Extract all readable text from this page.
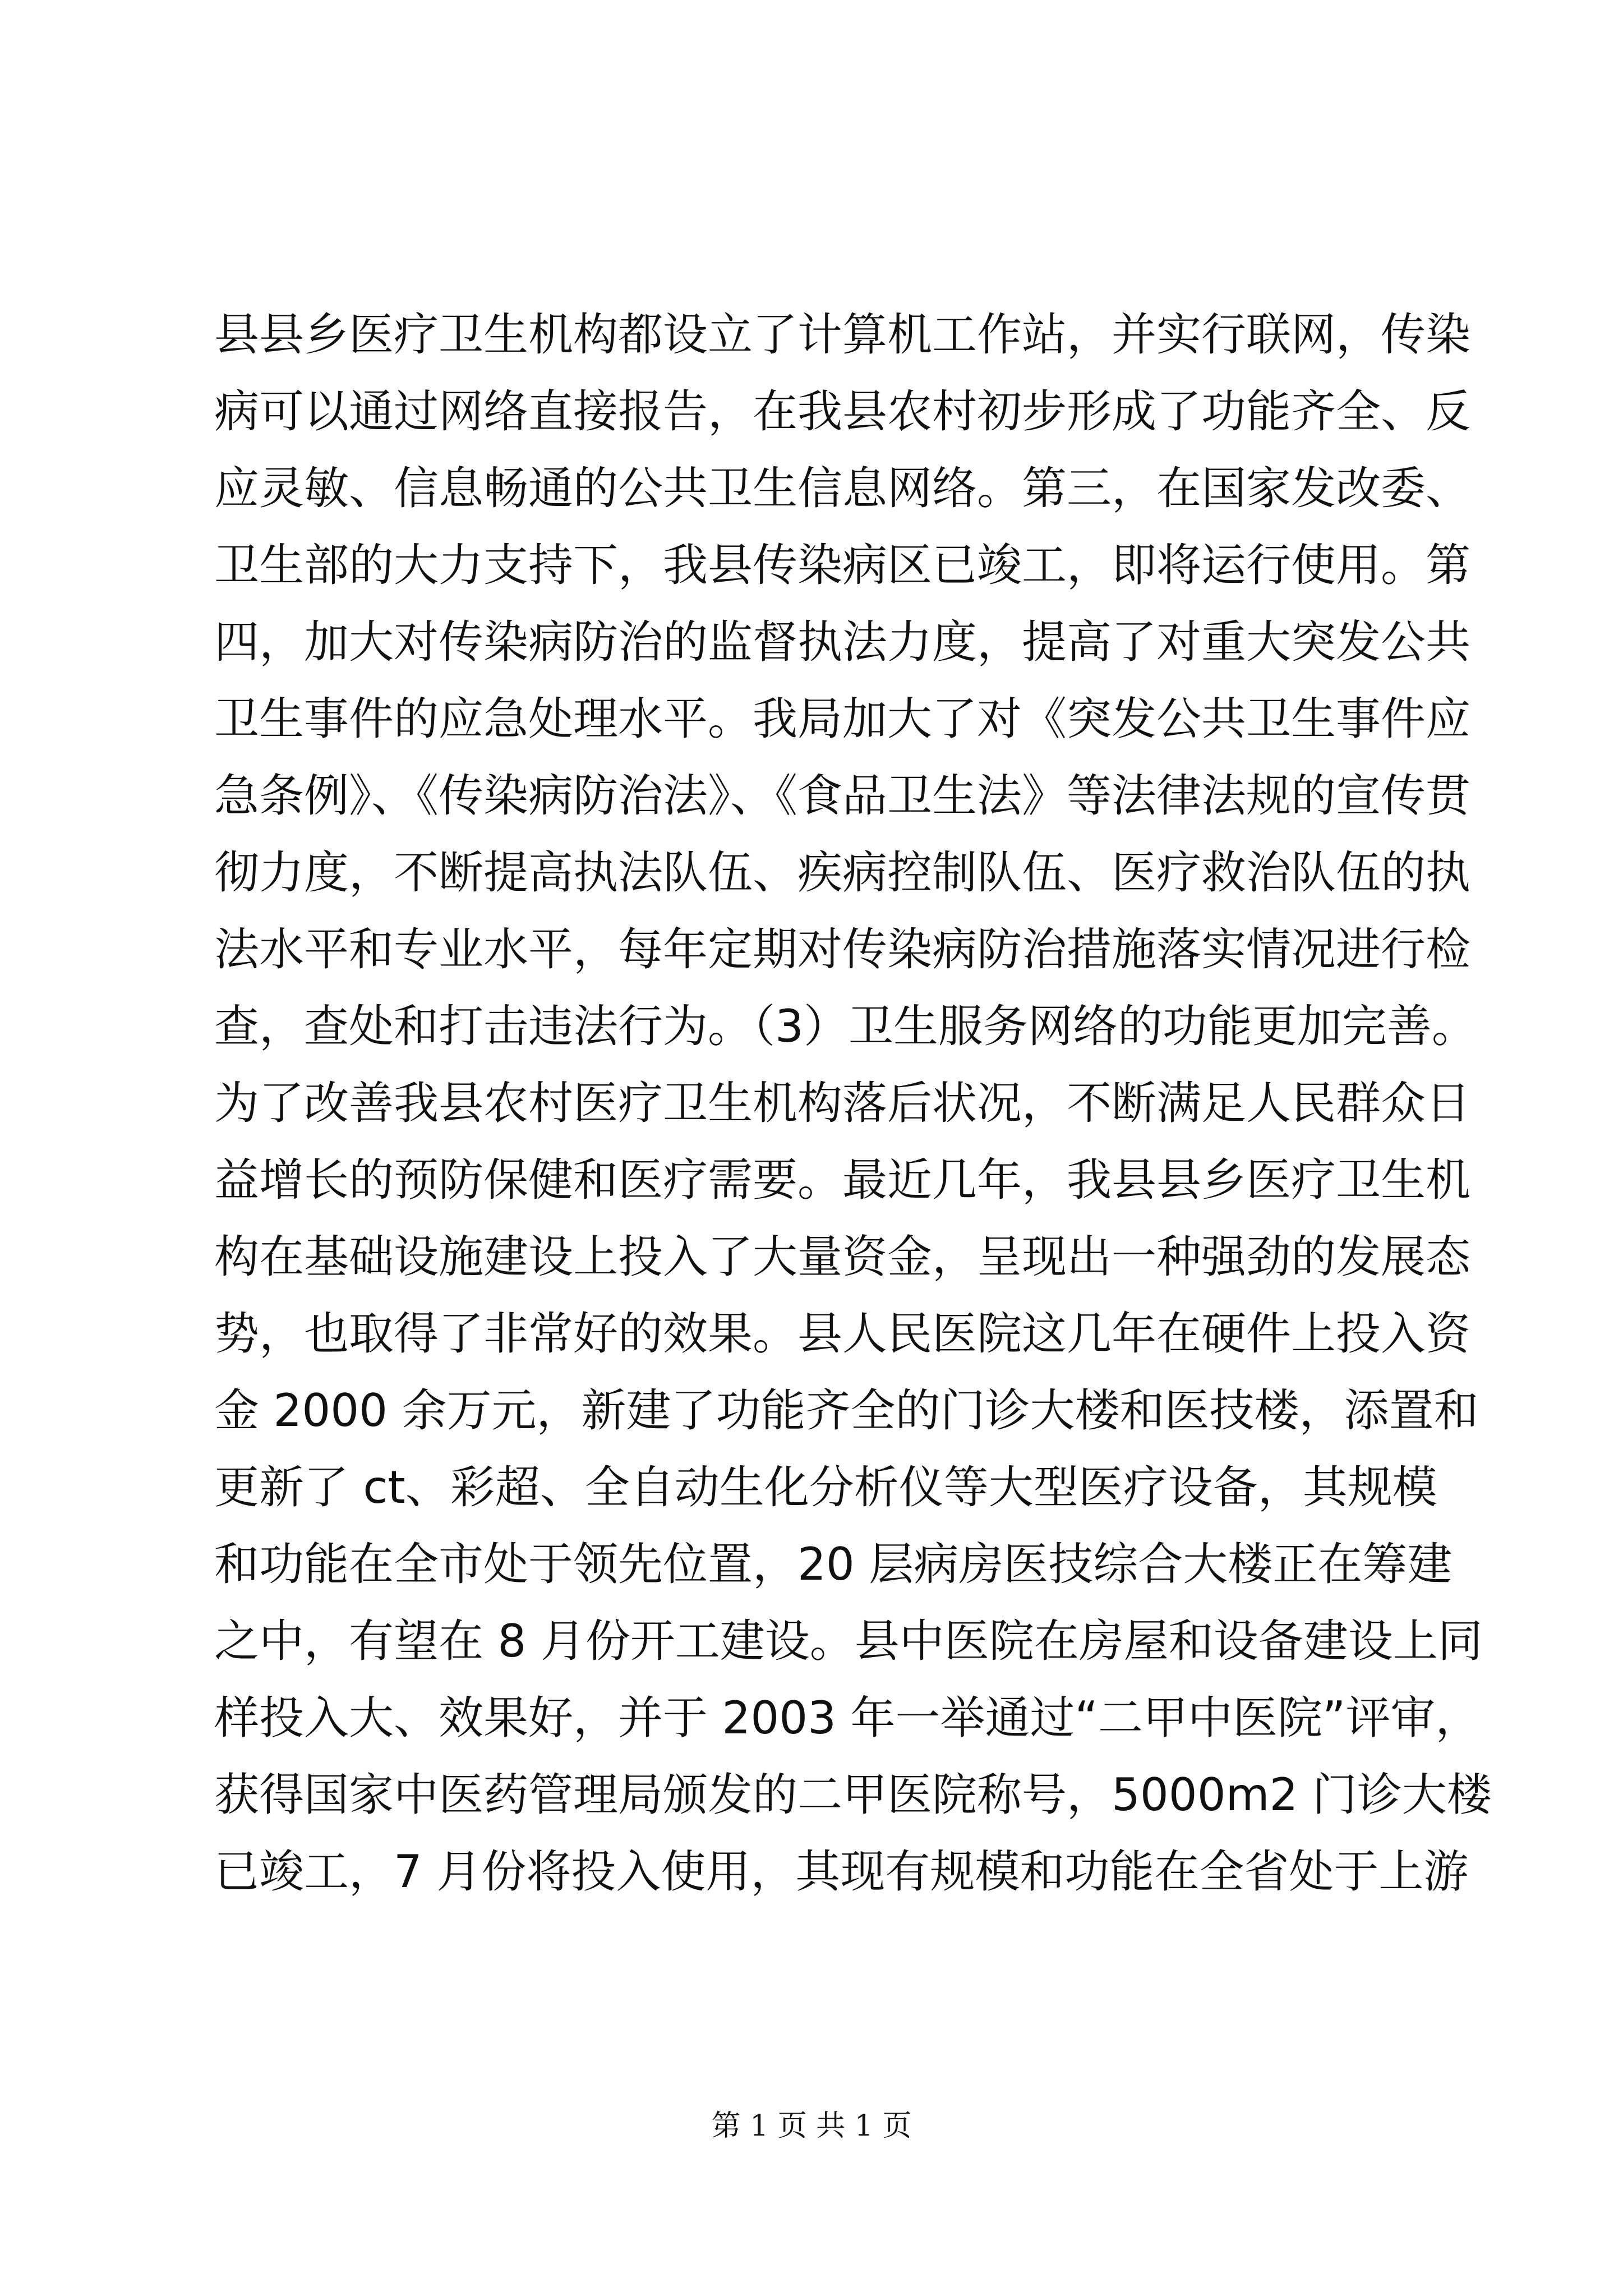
县县乡医疗卫生机构都设立了计算机工作站，并实行联网，传染
病可以通过网络直接报告，在我县农村初步形成了功能齐全、反
应灵敏、信息畅通的公共卫生信息网络。第三，在国家发改委、
卫生部的大力支持下，我县传染病区已竣工，即将运行使用。第
四，加大对传染病防治的监督执法力度，提高了对重大突发公共
卫生事件的应急处理水平。我局加大了对《突发公共卫生事件应
急条例》、《传染病防治法》、《食品卫生法》等法律法规的宣传贯
彻力度，不断提高执法队伍、疾病控制队伍、医疗救治队伍的执
法水平和专业水平，每年定期对传染病防治措施落实情况进行检
查，查处和打击违法行为。（3）卫生服务网络的功能更加完善。
为了改善我县农村医疗卫生机构落后状况，不断满足人民群众日
益增长的预防保健和医疗需要。最近几年，我县县乡医疗卫生机
构在基础设施建设上投入了大量资金，呈现出一种强劲的发展态
势，也取得了非常好的效果。县人民医院这几年在硬件上投入资
金 2000 余万元，新建了功能齐全的门诊大楼和医技楼，添置和
更新了 ct、彩超、全自动生化分析仪等大型医疗设备，其规模
和功能在全市处于领先位置，20 层病房医技综合大楼正在筹建
之中，有望在 8 月份开工建设。县中医院在房屋和设备建设上同
样投入大、效果好，并于 2003 年一举通过“二甲中医院”评审，
获得国家中医药管理局颁发的二甲医院称号，5000m2 门诊大楼
已竣工，7 月份将投入使用，其现有规模和功能在全省处于上游
第 1 页 共 1 页
